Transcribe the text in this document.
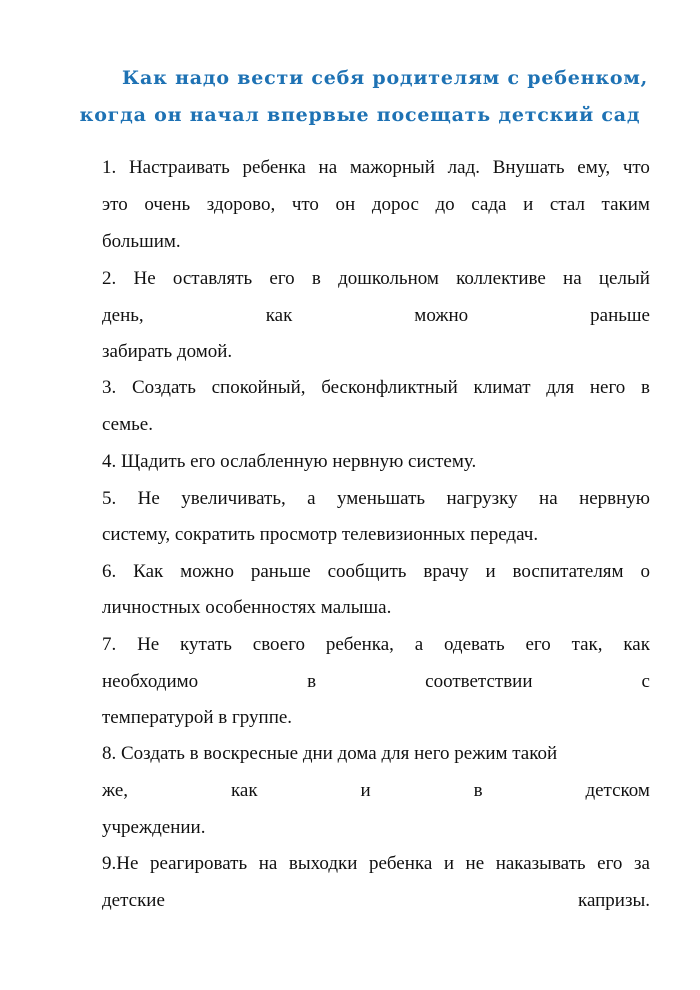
Как надо вести себя родителям с ребенком,
когда он начал впервые посещать детский сад

1. Настраивать ребенка на мажорный лад. Внушать ему, что

это очень здорово, что он дорос до сада и стал таким

большим.

2. Не оставлять его в дошкольном коллективе на целый

день,	как	можно	раньше

забирать домой.

3. Создать спокойный, бесконфликтный климат для него в

семье.

4. Щадить его ослабленную нервную систему.

5. Не увеличивать, а уменьшать нагрузку на нервную

систему, сократить просмотр телевизионных передач.

6. Как можно раньше сообщить врачу и воспитателям о

личностных особенностях малыша.

7. Не кутать своего ребенка, а одевать его так, как

необходимо	в	соответствии	с

температурой в группе.

8. Создать в воскресные дни дома для него режим такой

же,	как	и	в	детском

учреждении.

9.Не реагировать на выходки ребенка и не наказывать его за

детские	капризы.
